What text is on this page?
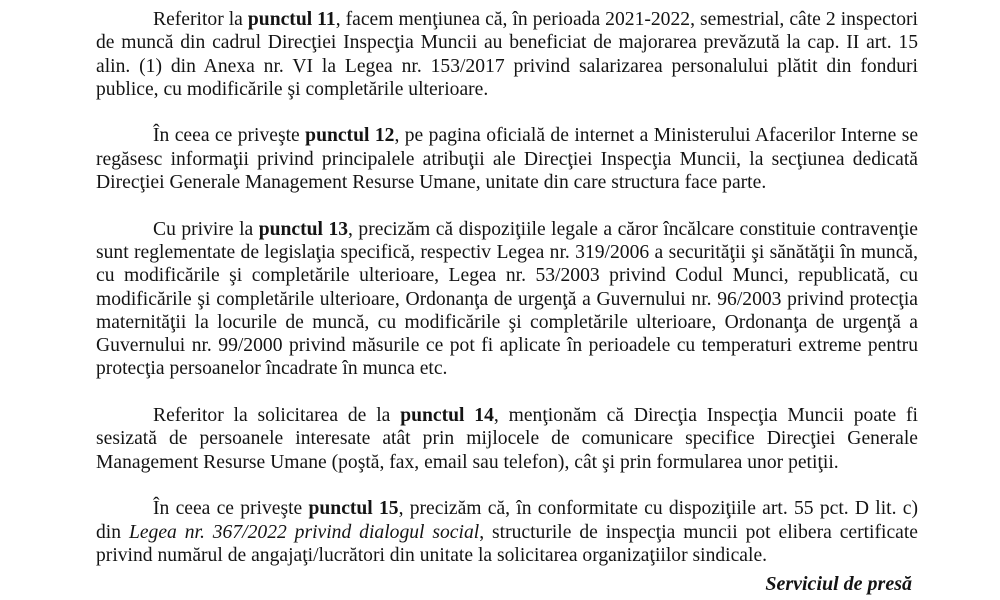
Referitor la punctul 11, facem menţiunea că, în perioada 2021-2022, semestrial, câte 2 inspectori de muncă din cadrul Direcţiei Inspecţia Muncii au beneficiat de majorarea prevăzută la cap. II art. 15 alin. (1) din Anexa nr. VI la Legea nr. 153/2017 privind salarizarea personalului plătit din fonduri publice, cu modificările şi completările ulterioare.

În ceea ce priveşte punctul 12, pe pagina oficială de internet a Ministerului Afacerilor Interne se regăsesc informaţii privind principalele atribuţii ale Direcţiei Inspecţia Muncii, la secţiunea dedicată Direcţiei Generale Management Resurse Umane, unitate din care structura face parte.

Cu privire la punctul 13, precizăm că dispoziţiile legale a căror încălcare constituie contravenţie sunt reglementate de legislaţia specifică, respectiv Legea nr. 319/2006 a securităţii şi sănătăţii în muncă, cu modificările şi completările ulterioare, Legea nr. 53/2003 privind Codul Munci, republicată, cu modificările şi completările ulterioare, Ordonanţa de urgenţă a Guvernului nr. 96/2003 privind protecţia maternităţii la locurile de muncă, cu modificările şi completările ulterioare, Ordonanţa de urgenţă a Guvernului nr. 99/2000 privind măsurile ce pot fi aplicate în perioadele cu temperaturi extreme pentru protecţia persoanelor încadrate în munca etc.

Referitor la solicitarea de la punctul 14, menţionăm că Direcţia Inspecţia Muncii poate fi sesizată de persoanele interesate atât prin mijlocele de comunicare specifice Direcţiei Generale Management Resurse Umane (poştă, fax, email sau telefon), cât şi prin formularea unor petiţii.

În ceea ce priveşte punctul 15, precizăm că, în conformitate cu dispoziţiile art. 55 pct. D lit. c) din Legea nr. 367/2022 privind dialogul social, structurile de inspecţia muncii pot elibera certificate privind numărul de angajaţi/lucrători din unitate la solicitarea organizaţiilor sindicale.

Serviciul de presă
